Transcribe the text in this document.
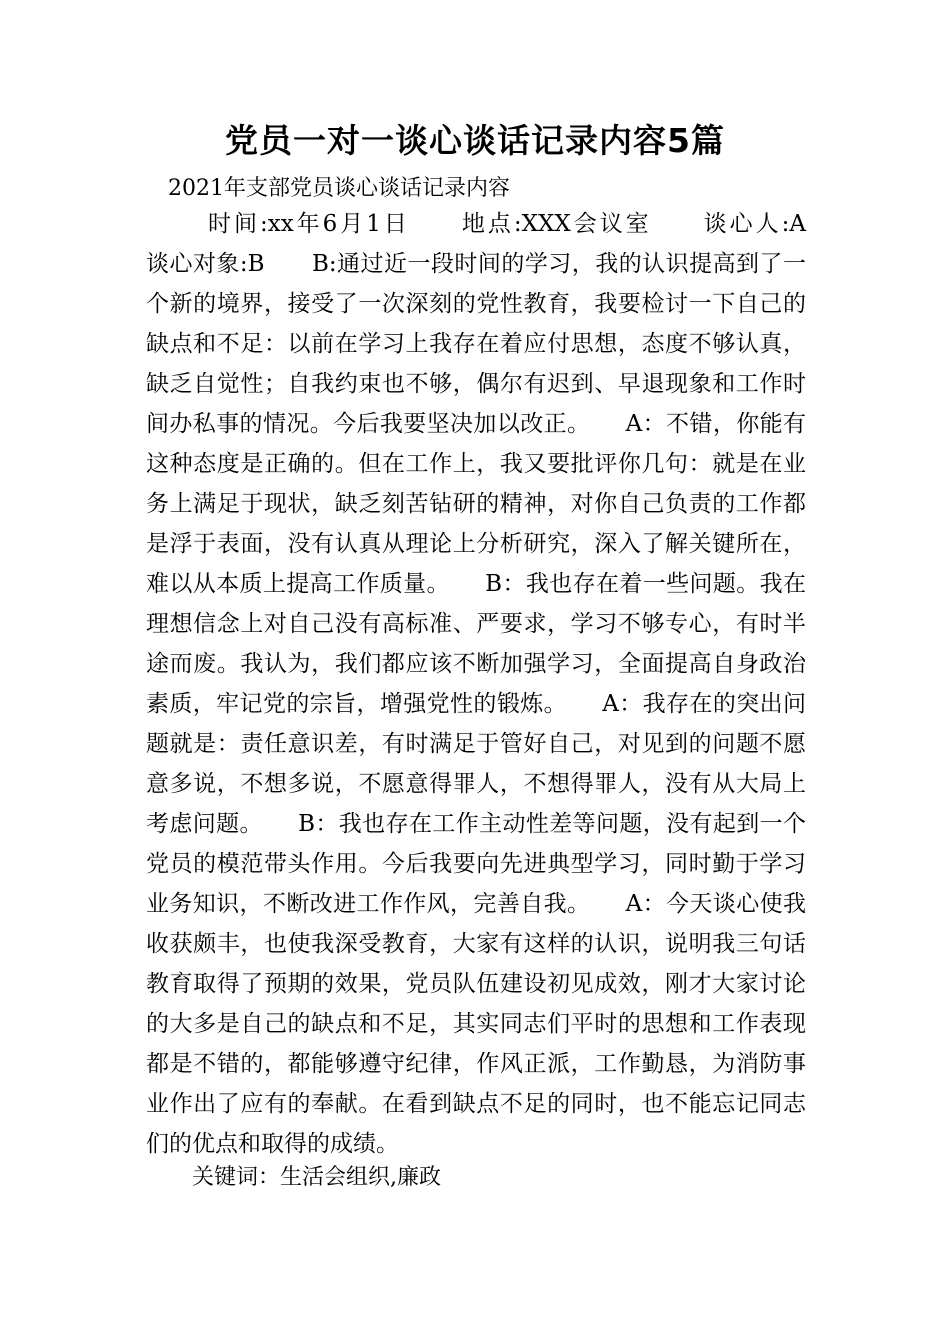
党员一对一谈心谈话记录内容5篇
2021年支部党员谈心谈话记录内容

时间:xx年6月1日　　地点:XXX会议室　　谈心人:A　　谈心对象:B　　B:通过近一段时间的学习，我的认识提高到了一个新的境界，接受了一次深刻的党性教育，我要检讨一下自己的缺点和不足：以前在学习上我存在着应付思想，态度不够认真，缺乏自觉性；自我约束也不够，偶尔有迟到、早退现象和工作时间办私事的情况。今后我要坚决加以改正。　　A：不错，你能有这种态度是正确的。但在工作上，我又要批评你几句：就是在业务上满足于现状，缺乏刻苦钻研的精神，对你自己负责的工作都是浮于表面，没有认真从理论上分析研究，深入了解关键所在，难以从本质上提高工作质量。　　B：我也存在着一些问题。我在理想信念上对自己没有高标准、严要求，学习不够专心，有时半途而废。我认为，我们都应该不断加强学习，全面提高自身政治素质，牢记党的宗旨，增强党性的锻炼。　　A：我存在的突出问题就是：责任意识差，有时满足于管好自己，对见到的问题不愿意多说，不想多说，不愿意得罪人，不想得罪人，没有从大局上考虑问题。　　B：我也存在工作主动性差等问题，没有起到一个党员的模范带头作用。今后我要向先进典型学习，同时勤于学习业务知识，不断改进工作作风，完善自我。　　A：今天谈心使我收获颇丰，也使我深受教育，大家有这样的认识，说明我三句话教育取得了预期的效果，党员队伍建设初见成效，刚才大家讨论的大多是自己的缺点和不足，其实同志们平时的思想和工作表现都是不错的，都能够遵守纪律，作风正派，工作勤恳，为消防事业作出了应有的奉献。在看到缺点不足的同时，也不能忘记同志们的优点和取得的成绩。

关键词：生活会组织,廉政
